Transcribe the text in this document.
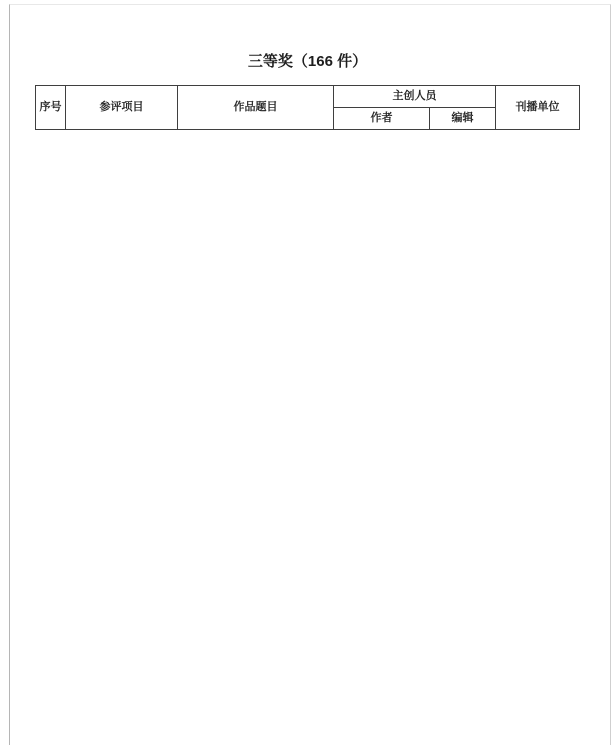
三等奖（166 件）
序号	参评项目	作品题目	主创人员		刊播单位
			作者	编辑	
